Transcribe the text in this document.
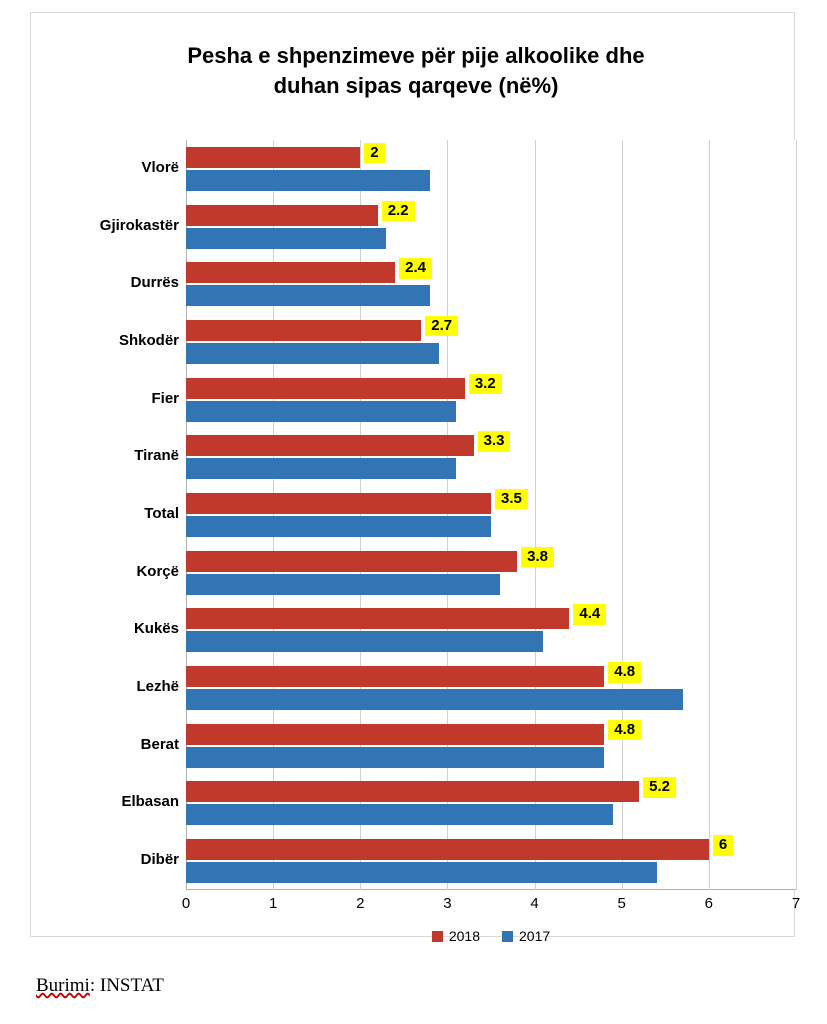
Pesha e shpenzimeve për pije alkoolike dhe
duhan sipas qarqeve (në%)
Vlorë
Gjirokastër
Durrës
Shkodër
Fier
Tiranë
Total
Korçë
Kukës
Lezhë
Berat
Elbasan
Dibër
2
2.2
2.4
2.7
3.2
3.3
3.5
3.8
4.4
4.8
4.8
5.2
6
0	1	2	3	4	5	6	7
2018	2017
Burimi: INSTAT
